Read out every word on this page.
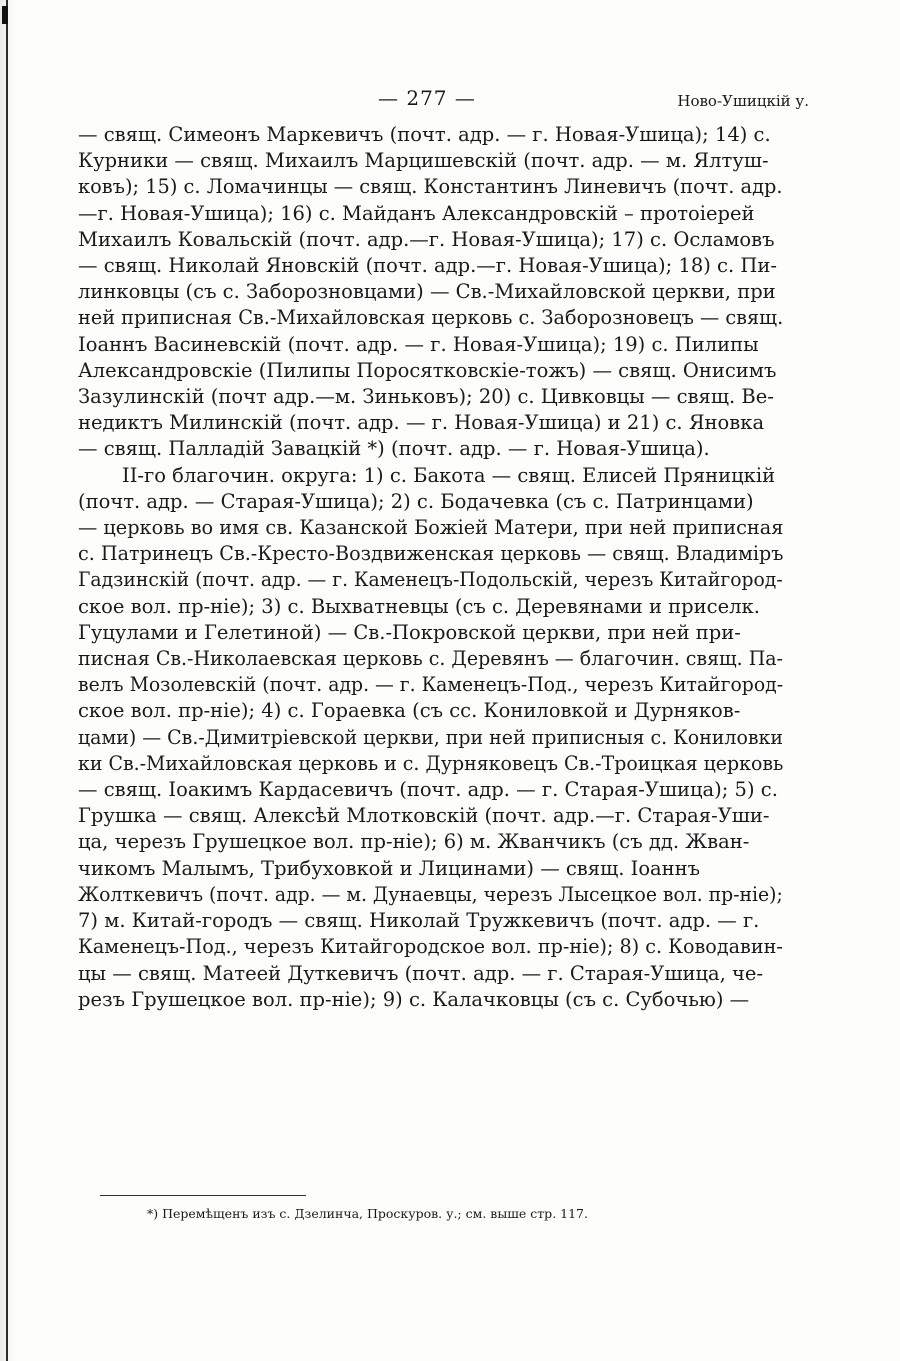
— 277 —	Ново-Ушицкій у.
— свящ. Симеонъ Маркевичъ (почт. адр. — г. Новая-Ушица); 14) с.
Курники — свящ. Михаилъ Марцишевскій (почт. адр. — м. Ялтуш-
ковъ); 15) с. Ломачинцы — свящ. Константинъ Линевичъ (почт. адр.
—г. Новая-Ушица); 16) с. Майданъ Александровскій – протоіерей
Михаилъ Ковальскій (почт. адр.—г. Новая-Ушица); 17) с. Осламовъ
— свящ. Николай Яновскій (почт. адр.—г. Новая-Ушица); 18) с. Пи-
линковцы (съ с. Заборозновцами) — Св.-Михайловской церкви, при
ней приписная Св.-Михайловская церковь с. Заборозновецъ — свящ.
Іоаннъ Васиневскій (почт. адр. — г. Новая-Ушица); 19) с. Пилипы
Александровскіе (Пилипы Поросятковскіе-тожъ) — свящ. Онисимъ
Зазулинскій (почт адр.—м. Зиньковъ); 20) с. Цивковцы — свящ. Ве-
недиктъ Милинскій (почт. адр. — г. Новая-Ушица) и 21) с. Яновка
— свящ. Палладій Завацкій *) (почт. адр. — г. Новая-Ушица).
II-го благочин. округа: 1) с. Бакота — свящ. Елисей Пряницкій
(почт. адр. — Старая-Ушица); 2) с. Бодачевка (съ с. Патринцами)
— церковь во имя св. Казанской Божіей Матери, при ней приписная
с. Патринецъ Св.-Кресто-Воздвиженская церковь — свящ. Владиміръ
Гадзинскій (почт. адр. — г. Каменецъ-Подольскій, черезъ Китайгород-
ское вол. пр-ніе); 3) с. Выхватневцы (съ с. Деревянами и приселк.
Гуцулами и Гелетиной) — Св.-Покровской церкви, при ней при-
писная Св.-Николаевская церковь с. Деревянъ — благочин. свящ. Па-
велъ Мозолевскій (почт. адр. — г. Каменецъ-Под., черезъ Китайгород-
ское вол. пр-ніе); 4) с. Гораевка (съ сс. Кониловкой и Дурняков-
цами) — Св.-Димитріевской церкви, при ней приписныя с. Кониловки
ки Св.-Михайловская церковь и с. Дурняковецъ Св.-Троицкая церковь
— свящ. Іоакимъ Кардасевичъ (почт. адр. — г. Старая-Ушица); 5) с.
Грушка — свящ. Алексѣй Млотковскій (почт. адр.—г. Старая-Уши-
ца, черезъ Грушецкое вол. пр-ніе); 6) м. Жванчикъ (съ дд. Жван-
чикомъ Малымъ, Трибуховкой и Лицинами) — свящ. Іоаннъ
Жолткевичъ (почт. адр. — м. Дунаевцы, черезъ Лысецкое вол. пр-ніе);
7) м. Китай-городъ — свящ. Николай Тружкевичъ (почт. адр. — г.
Каменецъ-Под., черезъ Китайгородское вол. пр-ніе); 8) с. Ководавин-
цы — свящ. Матеей Дуткевичъ (почт. адр. — г. Старая-Ушица, че-
резъ Грушецкое вол. пр-ніе); 9) с. Калачковцы (съ с. Субочью) —
*) Перемѣщенъ изъ с. Дзелинча, Проскуров. у.; см. выше стр. 117.
